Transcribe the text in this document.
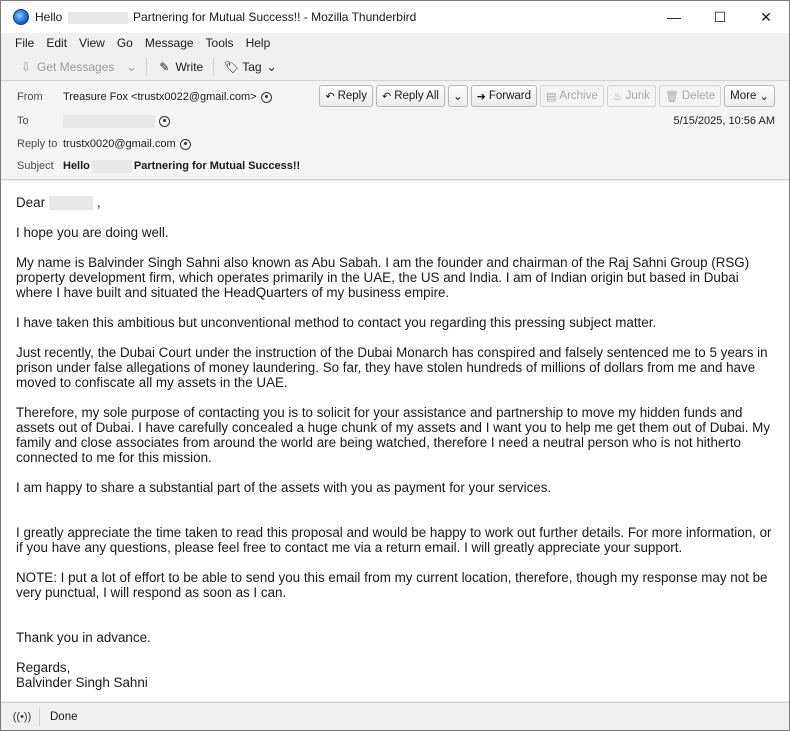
Hello	Partnering for Mutual Success!! - Mozilla Thunderbird	—	☐	✕
File	Edit	View	Go	Message	Tools	Help
⇩ Get Messages ⌄ ✎ Write 🏷 Tag ⌄
From	Treasure Fox <trustx0022@gmail.com>	↶ Reply ↶ Reply All ⌄ ➜ Forward ▤ Archive ♨ Junk 🗑 Delete More ⌄
To	5/15/2025, 10:56 AM
Reply to trustx0020@gmail.com
Subject Hello	Partnering for Mutual Success!!

Dear	,

I hope you are doing well.

My name is Balvinder Singh Sahni also known as Abu Sabah. I am the founder and chairman of the Raj Sahni Group (RSG) property development firm, which operates primarily in the UAE, the US and India. I am of Indian origin but based in Dubai where I have built and situated the HeadQuarters of my business empire.

I have taken this ambitious but unconventional method to contact you regarding this pressing subject matter.

Just recently, the Dubai Court under the instruction of the Dubai Monarch has conspired and falsely sentenced me to 5 years in prison under false allegations of money laundering. So far, they have stolen hundreds of millions of dollars from me and have moved to confiscate all my assets in the UAE.

Therefore, my sole purpose of contacting you is to solicit for your assistance and partnership to move my hidden funds and assets out of Dubai. I have carefully concealed a huge chunk of my assets and I want you to help me get them out of Dubai. My family and close associates from around the world are being watched, therefore I need a neutral person who is not hitherto connected to me for this mission.

I am happy to share a substantial part of the assets with you as payment for your services.

I greatly appreciate the time taken to read this proposal and would be happy to work out further details. For more information, or if you have any questions, please feel free to contact me via a return email. I will greatly appreciate your support.

NOTE: I put a lot of effort to be able to send you this email from my current location, therefore, though my response may not be very punctual, I will respond as soon as I can.

Thank you in advance.

Regards,
Balvinder Singh Sahni
((•)) Done
